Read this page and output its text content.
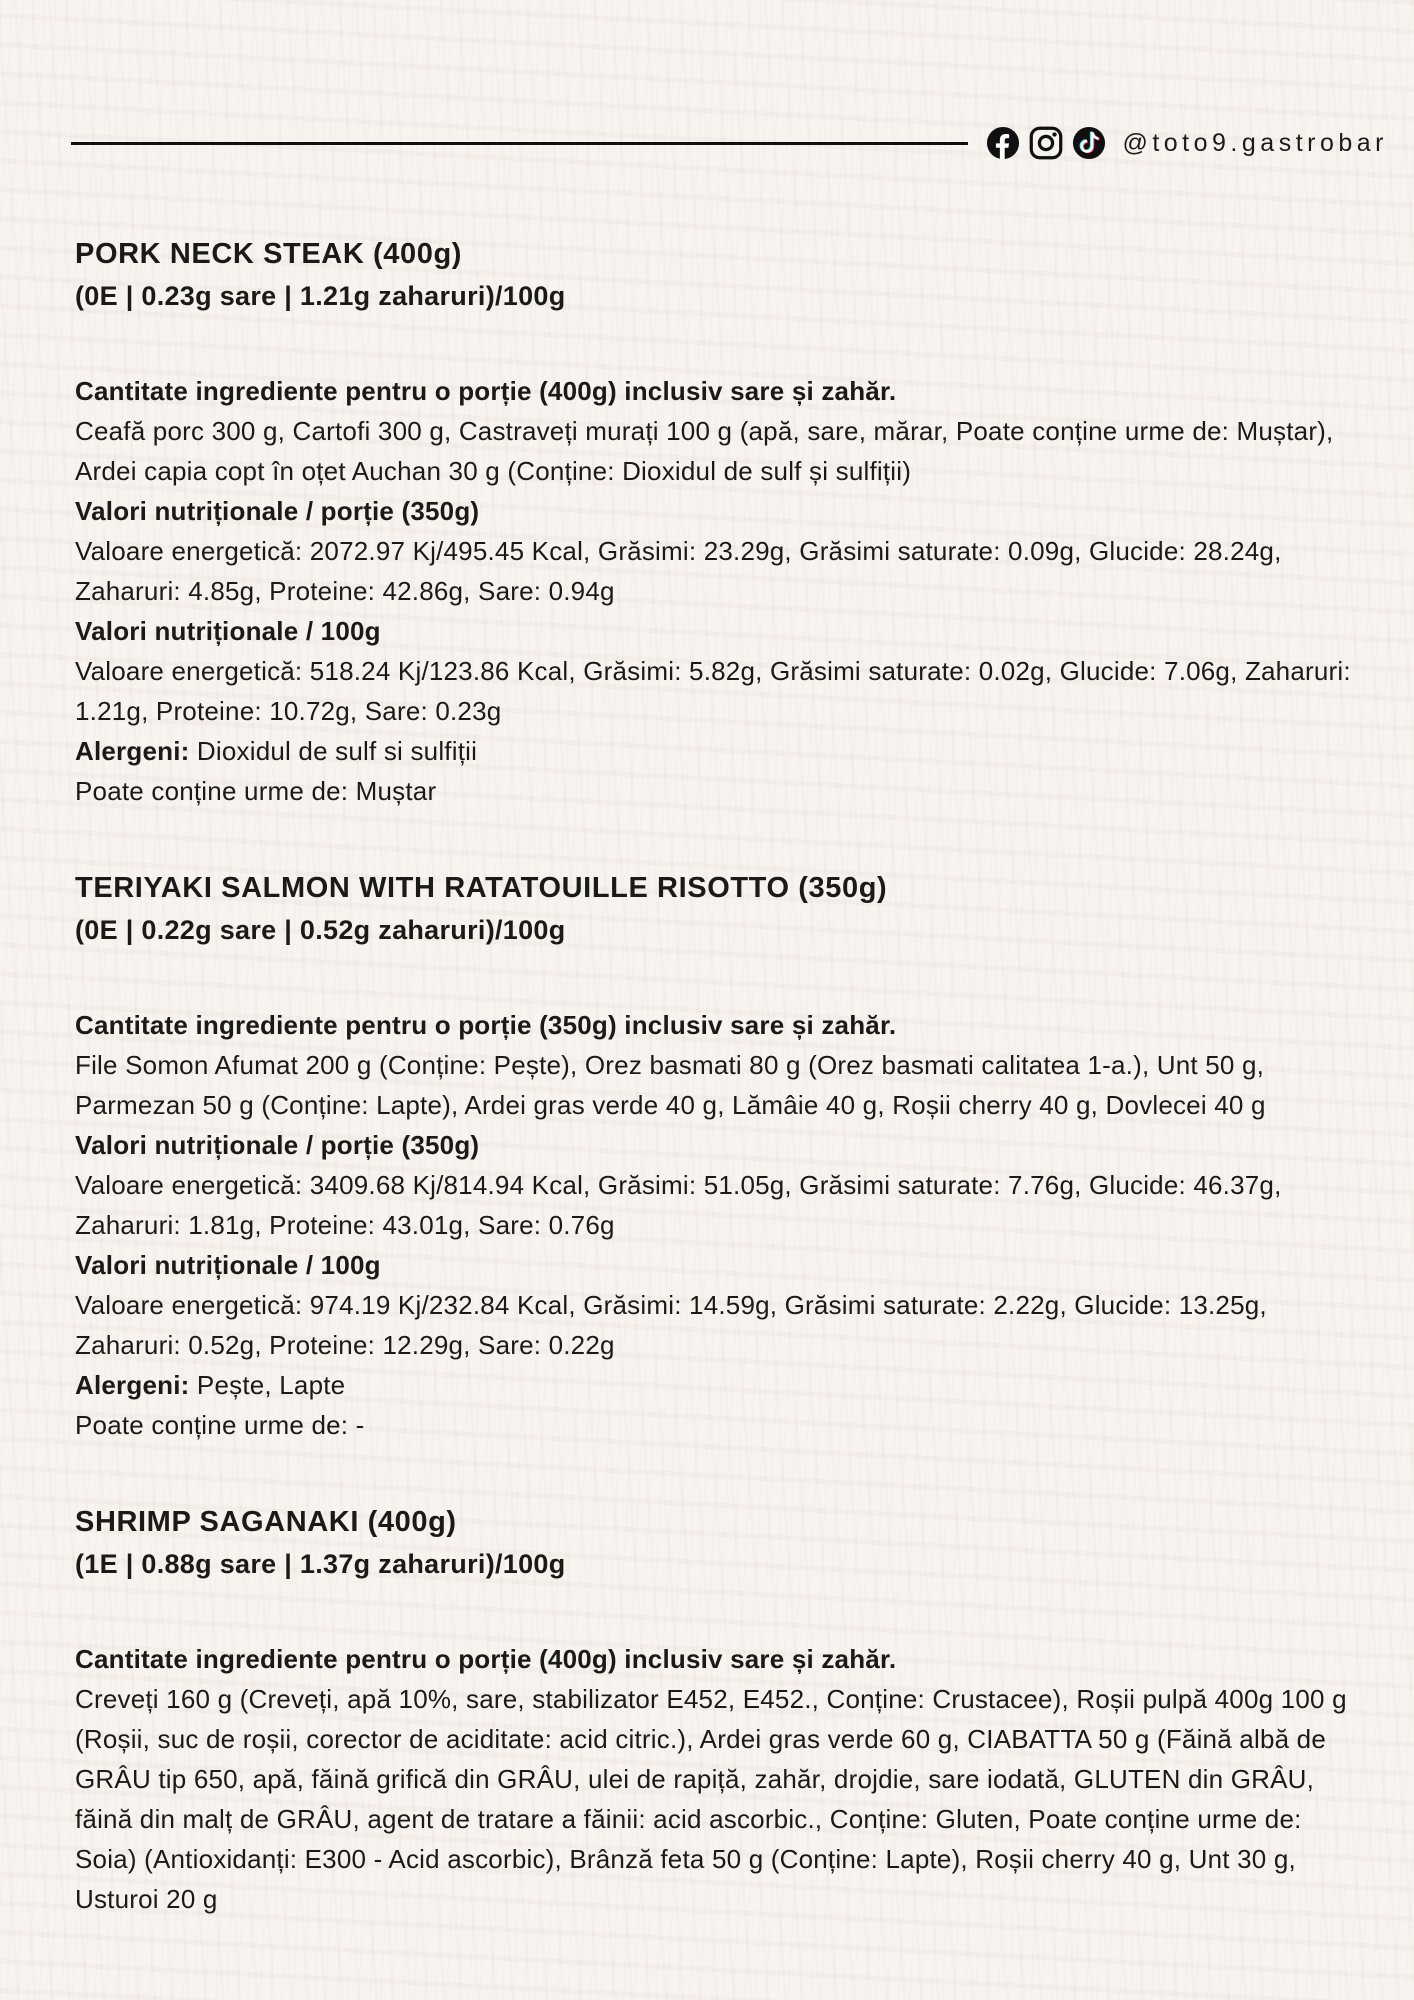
@toto9.gastrobar
PORK NECK STEAK (400g)
(0E | 0.23g sare | 1.21g zaharuri)/100g

Cantitate ingrediente pentru o porție (400g) inclusiv sare și zahăr.

Ceafă porc 300 g, Cartofi 300 g, Castraveți murați 100 g (apă, sare, mărar, Poate conține urme de: Muștar), Ardei capia copt în oțet Auchan 30 g (Conține: Dioxidul de sulf și sulfiții)

Valori nutriționale / porție (350g)

Valoare energetică: 2072.97 Kj/495.45 Kcal, Grăsimi: 23.29g, Grăsimi saturate: 0.09g, Glucide: 28.24g, Zaharuri: 4.85g, Proteine: 42.86g, Sare: 0.94g

Valori nutriționale / 100g

Valoare energetică: 518.24 Kj/123.86 Kcal, Grăsimi: 5.82g, Grăsimi saturate: 0.02g, Glucide: 7.06g, Zaharuri: 1.21g, Proteine: 10.72g, Sare: 0.23g

Alergeni: Dioxidul de sulf si sulfiții

Poate conține urme de: Muștar

TERIYAKI SALMON WITH RATATOUILLE RISOTTO (350g)
(0E | 0.22g sare | 0.52g zaharuri)/100g

Cantitate ingrediente pentru o porție (350g) inclusiv sare și zahăr.

File Somon Afumat 200 g (Conține: Pește), Orez basmati 80 g (Orez basmati calitatea 1-a.), Unt 50 g, Parmezan 50 g (Conține: Lapte), Ardei gras verde 40 g, Lămâie 40 g, Roșii cherry 40 g, Dovlecei 40 g

Valori nutriționale / porție (350g)

Valoare energetică: 3409.68 Kj/814.94 Kcal, Grăsimi: 51.05g, Grăsimi saturate: 7.76g, Glucide: 46.37g, Zaharuri: 1.81g, Proteine: 43.01g, Sare: 0.76g

Valori nutriționale / 100g

Valoare energetică: 974.19 Kj/232.84 Kcal, Grăsimi: 14.59g, Grăsimi saturate: 2.22g, Glucide: 13.25g, Zaharuri: 0.52g, Proteine: 12.29g, Sare: 0.22g

Alergeni: Pește, Lapte

Poate conține urme de: -

SHRIMP SAGANAKI (400g)
(1E | 0.88g sare | 1.37g zaharuri)/100g

Cantitate ingrediente pentru o porție (400g) inclusiv sare și zahăr.

Creveți 160 g (Creveți, apă 10%, sare, stabilizator E452, E452., Conține: Crustacee), Roșii pulpă 400g 100 g (Roșii, suc de roșii, corector de aciditate: acid citric.), Ardei gras verde 60 g, CIABATTA 50 g (Făină albă de GRÂU tip 650, apă, făină grifică din GRÂU, ulei de rapiță, zahăr, drojdie, sare iodată, GLUTEN din GRÂU, făină din malț de GRÂU, agent de tratare a făinii: acid ascorbic., Conține: Gluten, Poate conține urme de: Soia) (Antioxidanți: E300 - Acid ascorbic), Brânză feta 50 g (Conține: Lapte), Roșii cherry 40 g, Unt 30 g, Usturoi 20 g
